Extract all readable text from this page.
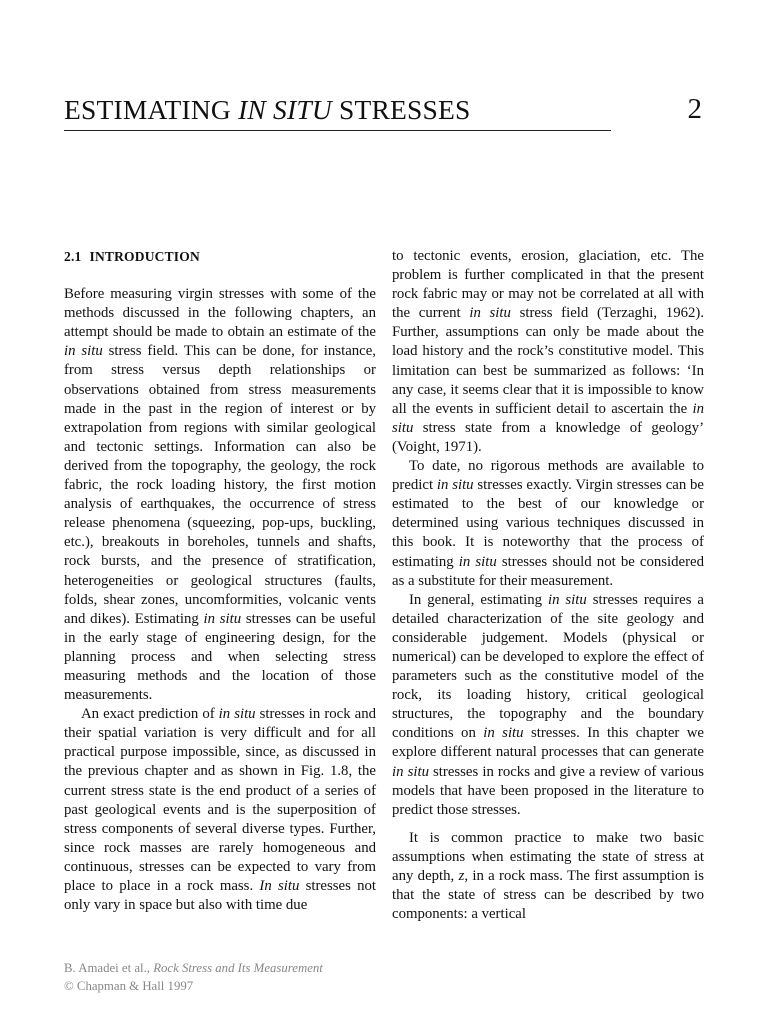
ESTIMATING IN SITU STRESSES	2
2.1 INTRODUCTION

Before measuring virgin stresses with some of the methods discussed in the following chapters, an attempt should be made to obtain an estimate of the in situ stress field. This can be done, for instance, from stress versus depth relationships or observations obtained from stress measurements made in the past in the region of interest or by extrapolation from regions with similar geological and tectonic settings. Information can also be derived from the topography, the geology, the rock fabric, the rock loading history, the first motion analysis of earthquakes, the occurrence of stress release phenomena (squeezing, pop-ups, buckling, etc.), breakouts in boreholes, tunnels and shafts, rock bursts, and the presence of stratification, heterogeneities or geological structures (faults, folds, shear zones, uncomformities, volcanic vents and dikes). Estimating in situ stresses can be useful in the early stage of engineering design, for the planning process and when selecting stress measuring methods and the location of those measurements.

An exact prediction of in situ stresses in rock and their spatial variation is very difficult and for all practical purpose impossible, since, as discussed in the previous chapter and as shown in Fig. 1.8, the current stress state is the end product of a series of past geological events and is the superposition of stress components of several diverse types. Further, since rock masses are rarely homogeneous and continuous, stresses can be expected to vary from place to place in a rock mass. In situ stresses not only vary in space but also with time due

to tectonic events, erosion, glaciation, etc. The problem is further complicated in that the present rock fabric may or may not be correlated at all with the current in situ stress field (Terzaghi, 1962). Further, assumptions can only be made about the load history and the rock’s constitutive model. This limitation can best be summarized as follows: ‘In any case, it seems clear that it is impossible to know all the events in sufficient detail to ascertain the in situ stress state from a knowledge of geology’ (Voight, 1971).

To date, no rigorous methods are available to predict in situ stresses exactly. Virgin stresses can be estimated to the best of our knowledge or determined using various techniques discussed in this book. It is noteworthy that the process of estimating in situ stresses should not be considered as a substitute for their measurement.

In general, estimating in situ stresses requires a detailed characterization of the site geology and considerable judgement. Models (physical or numerical) can be developed to explore the effect of parameters such as the constitutive model of the rock, its loading history, critical geological structures, the topography and the boundary conditions on in situ stresses. In this chapter we explore different natural processes that can generate in situ stresses in rocks and give a review of various models that have been proposed in the literature to predict those stresses.

It is common practice to make two basic assumptions when estimating the state of stress at any depth, z, in a rock mass. The first assumption is that the state of stress can be described by two components: a vertical

B. Amadei et al., Rock Stress and Its Measurement
© Chapman & Hall 1997
